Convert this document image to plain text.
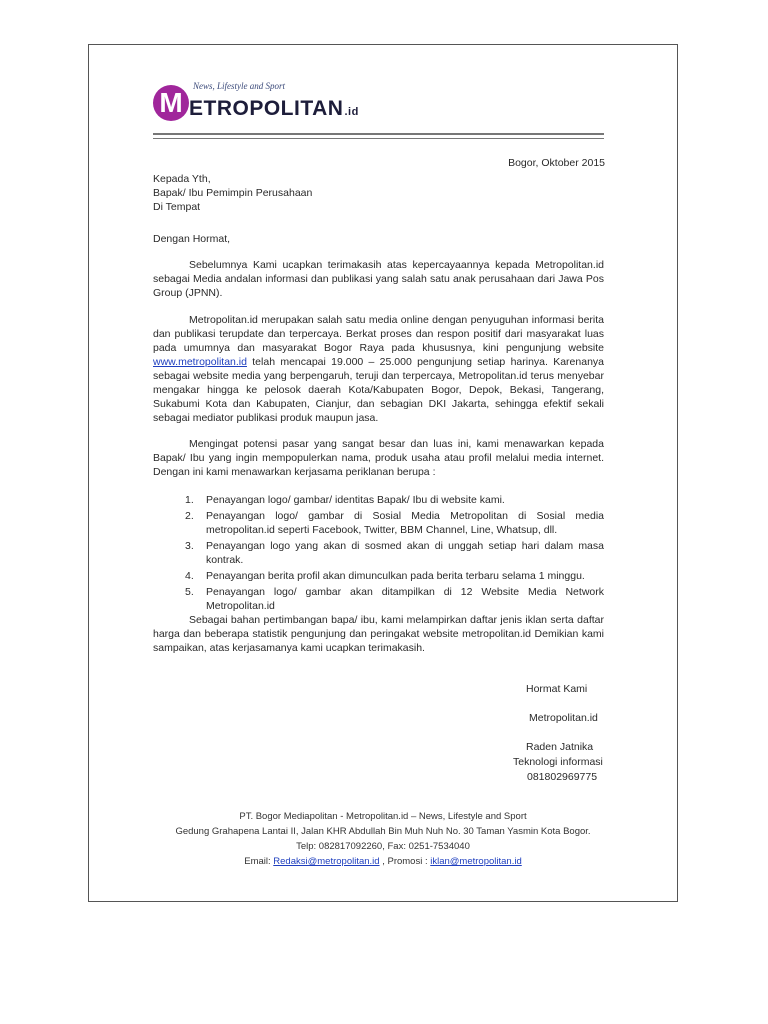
M
News, Lifestyle and Sport
ETROPOLITAN.id
Bogor, Oktober 2015
Kepada Yth,
Bapak/ Ibu Pemimpin Perusahaan
Di Tempat
Dengan Hormat,
Sebelumnya Kami ucapkan terimakasih atas kepercayaannya kepada Metropolitan.id sebagai Media andalan informasi dan publikasi yang salah satu anak perusahaan dari Jawa Pos Group (JPNN).
Metropolitan.id merupakan salah satu media online dengan penyuguhan informasi berita dan publikasi terupdate dan terpercaya. Berkat proses dan respon positif dari masyarakat luas pada umumnya dan masyarakat Bogor Raya pada khususnya, kini pengunjung website www.metropolitan.id telah mencapai 19.000 – 25.000 pengunjung setiap harinya. Karenanya sebagai website media yang berpengaruh, teruji dan terpercaya, Metropolitan.id terus menyebar mengakar hingga ke pelosok daerah Kota/Kabupaten Bogor, Depok, Bekasi, Tangerang, Sukabumi Kota dan Kabupaten, Cianjur, dan sebagian DKI Jakarta, sehingga efektif sekali sebagai mediator publikasi produk maupun jasa.
Mengingat potensi pasar yang sangat besar dan luas ini, kami menawarkan kepada Bapak/ Ibu yang ingin mempopulerkan nama, produk usaha atau profil melalui media internet. Dengan ini kami menawarkan kerjasama periklanan berupa :
1. Penayangan logo/ gambar/ identitas Bapak/ Ibu di website kami.
2. Penayangan logo/ gambar di Sosial Media Metropolitan di Sosial media metropolitan.id seperti Facebook, Twitter, BBM Channel, Line, Whatsup, dll.
3. Penayangan logo yang akan di sosmed akan di unggah setiap hari dalam masa kontrak.
4. Penayangan berita profil akan dimunculkan pada berita terbaru selama 1 minggu.
5. Penayangan logo/ gambar akan ditampilkan di 12 Website Media Network Metropolitan.id
Sebagai bahan pertimbangan bapa/ ibu, kami melampirkan daftar jenis iklan serta daftar harga dan beberapa statistik pengunjung dan peringakat website metropolitan.id Demikian kami sampaikan, atas kerjasamanya kami ucapkan terimakasih.
Hormat Kami
Metropolitan.id
Raden Jatnika
Teknologi informasi
081802969775
PT. Bogor Mediapolitan - Metropolitan.id – News, Lifestyle and Sport
Gedung Grahapena Lantai II, Jalan KHR Abdullah Bin Muh Nuh No. 30 Taman Yasmin Kota Bogor.
Telp: 082817092260, Fax: 0251-7534040
Email: Redaksi@metropolitan.id , Promosi : iklan@metropolitan.id
